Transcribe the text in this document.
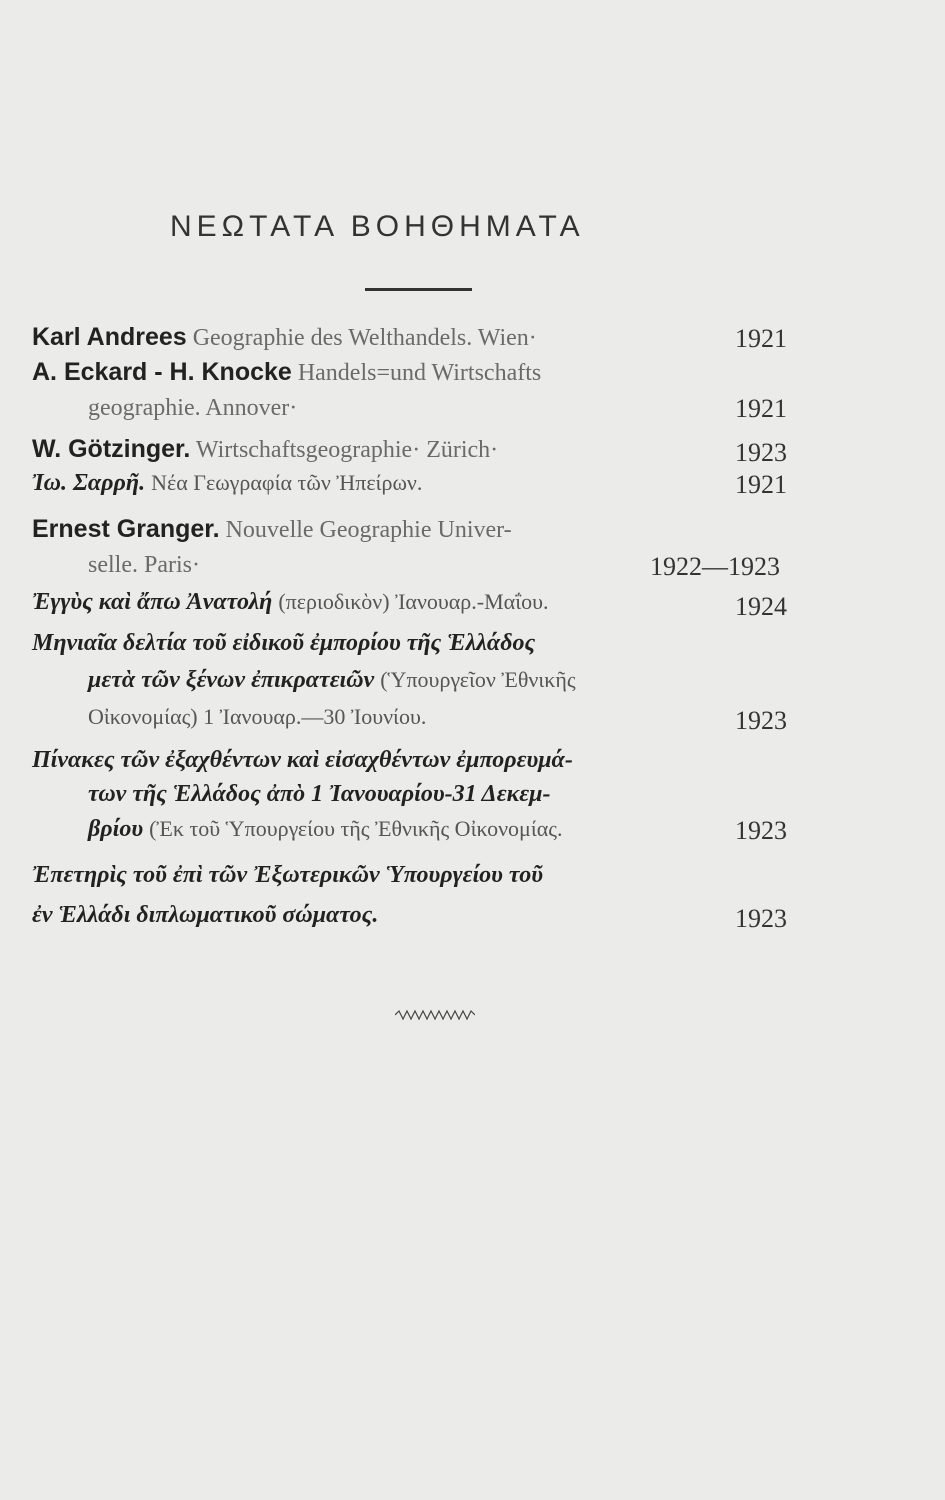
ΝΕΩΤΑΤΑ ΒΟΗΘΗΜΑΤΑ
Karl Andrees Geographie des Welthandels. Wien·	1921
A. Eckard - H. Knocke Handels=und Wirtschafts
geographie. Annover·	1921
W. Götzinger. Wirtschaftsgeographie· Zürich·	1923
Ἰω. Σαρρῆ. Νέα Γεωγραφία τῶν Ἠπείρων.	1921
Ernest Granger. Nouvelle Geographie Univer-
selle. Paris·	1922—1923
Ἐγγὺς καὶ ἄπω Ἀνατολή (περιοδικὸν) Ἰανουαρ.-Μαΐου.	1924
Μηνιαῖα δελτία τοῦ εἰδικοῦ ἐμπορίου τῆς Ἑλλάδος
μετὰ τῶν ξένων ἐπικρατειῶν (Ὑπουργεῖον Ἐθνικῆς
Οἰκονομίας) 1 Ἰανουαρ.—30 Ἰουνίου.	1923
Πίνακες τῶν ἐξαχθέντων καὶ εἰσαχθέντων ἐμπορευμά-
των τῆς Ἑλλάδος ἀπὸ 1 Ἰανουαρίου-31 Δεκεμ-
βρίου (Ἐκ τοῦ Ὑπουργείου τῆς Ἐθνικῆς Οἰκονομίας.	1923
Ἐπετηρὶς τοῦ ἐπὶ τῶν Ἐξωτερικῶν Ὑπουργείου τοῦ
ἐν Ἑλλάδι διπλωματικοῦ σώματος.	1923
